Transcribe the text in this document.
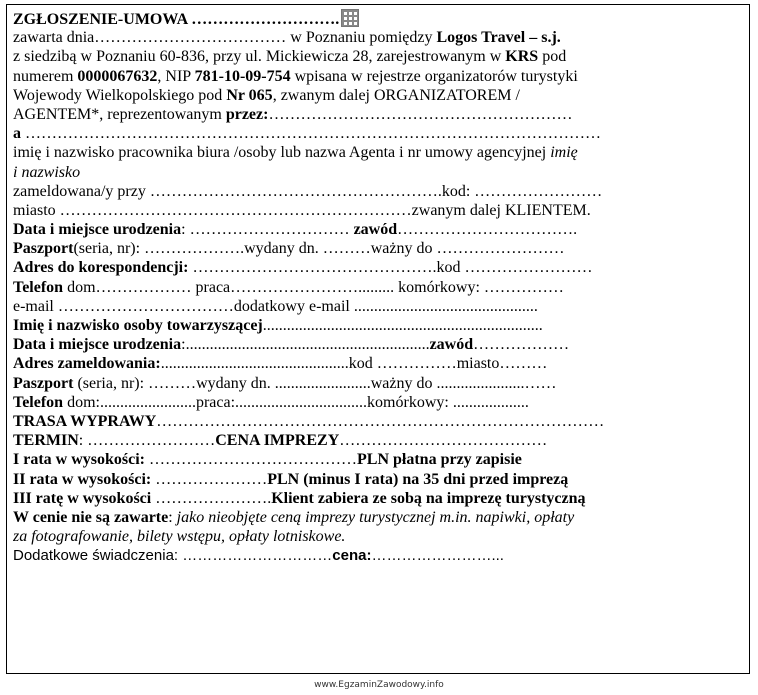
ZGŁOSZENIE-UMOWA ……………………….
zawarta dnia……………………………… w Poznaniu pomiędzy Logos Travel – s.j.
z siedzibą w Poznaniu 60-836, przy ul. Mickiewicza 28, zarejestrowanym w KRS pod
numerem 0000067632, NIP 781-10-09-754 wpisana w rejestrze organizatorów turystyki
Wojewody Wielkopolskiego pod Nr 065, zwanym dalej ORGANIZATOREM /
AGENTEM*, reprezentowanym przez:…………………………………………………
a ………………………………………………………………………………………………
imię i nazwisko pracownika biura /osoby lub nazwa Agenta i nr umowy agencyjnej imię
i nazwisko
zameldowana/y przy ……………………………………………….kod: ……………………
miasto …………………………………………………………zwanym dalej KLIENTEM.
Data i miejsce urodzenia: ………………………… zawód…………………………….
Paszport(seria, nr): ……………….wydany dn. ………ważny do ……………………
Adres do korespondencji: ……………………………………….kod ……………………
Telefon dom……………… praca……………………......... komórkowy: ……………
e-mail ……………………………dodatkowy e-mail ..............................................
Imię i nazwisko osoby towarzyszącej......................................................................
Data i miejsce urodzenia:.............................................................zawód………………
Adres zameldowania:...............................................kod ……………miasto………
Paszport (seria, nr): ………wydany dn. ........................ważny do ......................……
Telefon dom:........................praca:.................................komórkowy: ...................
TRASA WYPRAWY…………………………………………………………………………
TERMIN: ……………………CENA IMPREZY…………………………………
I rata w wysokości: …………………………………PLN płatna przy zapisie
II rata w wysokości: …………………PLN (minus I rata) na 35 dni przed imprezą
III ratę w wysokości ………………….Klient zabiera ze sobą na imprezę turystyczną
W cenie nie są zawarte: jako nieobjęte ceną imprezy turystycznej m.in. napiwki, opłaty
za fotografowanie, bilety wstępu, opłaty lotniskowe.
Dodatkowe świadczenia: …………………………cena:……………………...
www.EgzaminZawodowy.info
